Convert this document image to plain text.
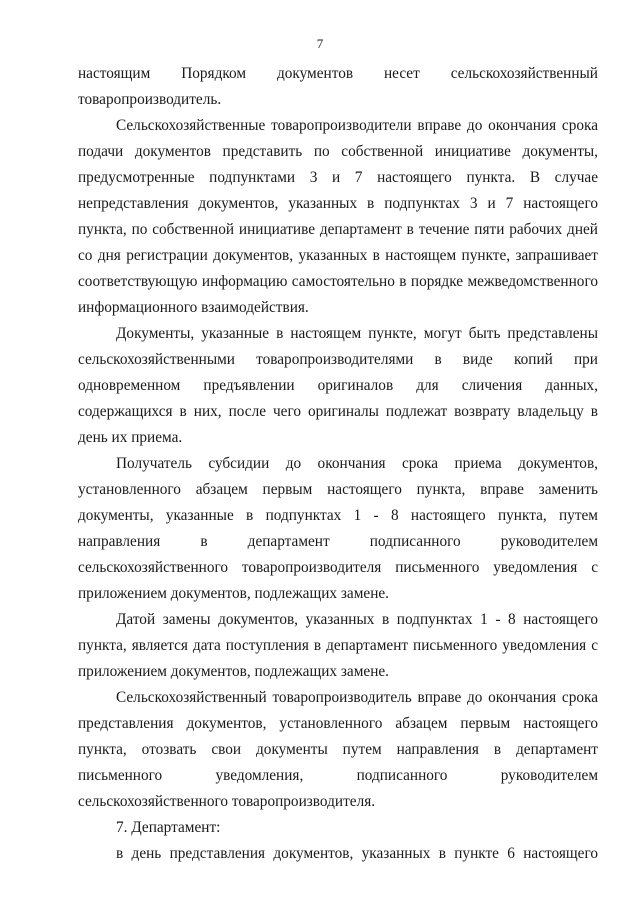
7

настоящим Порядком документов несет сельскохозяйственный товаропроизводитель.

Сельскохозяйственные товаропроизводители вправе до окончания срока подачи документов представить по собственной инициативе документы, предусмотренные подпунктами 3 и 7 настоящего пункта. В случае непредставления документов, указанных в подпунктах 3 и 7 настоящего пункта, по собственной инициативе департамент в течение пяти рабочих дней со дня регистрации документов, указанных в настоящем пункте, запрашивает соответствующую информацию самостоятельно в порядке межведомственного информационного взаимодействия.

Документы, указанные в настоящем пункте, могут быть представлены сельскохозяйственными товаропроизводителями в виде копий при одновременном предъявлении оригиналов для сличения данных, содержащихся в них, после чего оригиналы подлежат возврату владельцу в день их приема.

Получатель субсидии до окончания срока приема документов, установленного абзацем первым настоящего пункта, вправе заменить документы, указанные в подпунктах 1 - 8 настоящего пункта, путем направления в департамент подписанного руководителем сельскохозяйственного товаропроизводителя письменного уведомления с приложением документов, подлежащих замене.

Датой замены документов, указанных в подпунктах 1 - 8 настоящего пункта, является дата поступления в департамент письменного уведомления с приложением документов, подлежащих замене.

Сельскохозяйственный товаропроизводитель вправе до окончания срока представления документов, установленного абзацем первым настоящего пункта, отозвать свои документы путем направления в департамент письменного уведомления, подписанного руководителем сельскохозяйственного товаропроизводителя.

7. Департамент:

в день представления документов, указанных в пункте 6 настоящего
